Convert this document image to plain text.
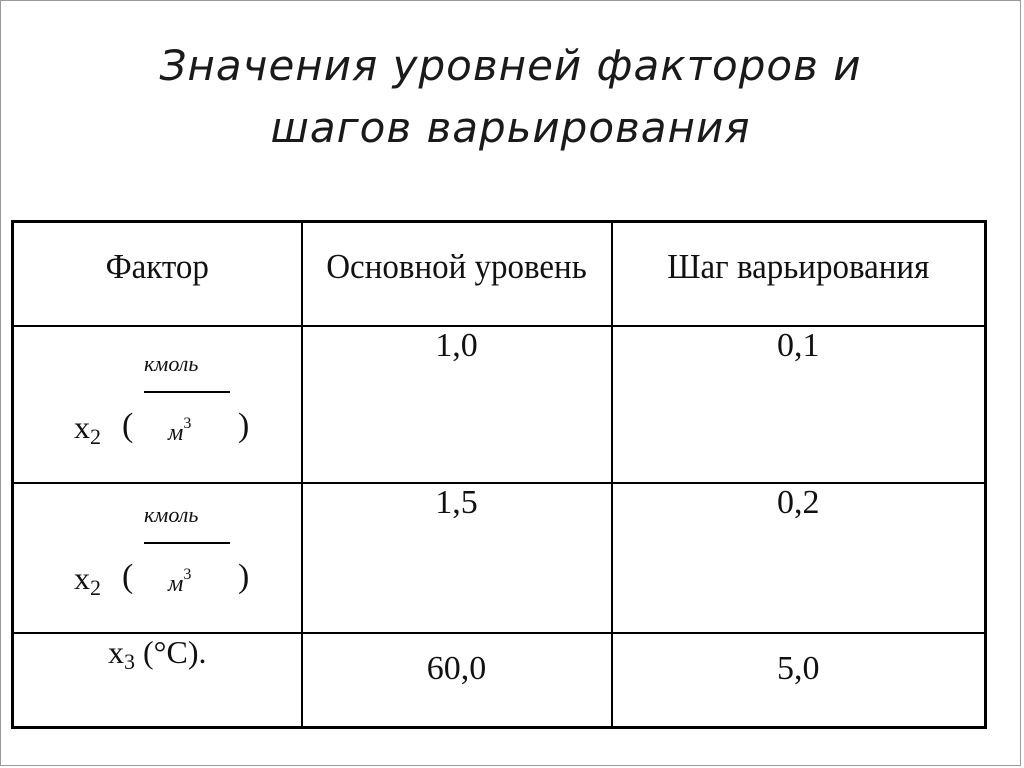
Значения уровней факторов и
шагов варьирования
Фактор	Основной уровень	Шаг варьирования

кмоль
$x_2$ ( $м^3$ )	1,0	0,1

кмоль
$x_2$ ( $м^3$ )	1,5	0,2
$x_3$ (°C).	60,0	5,0
